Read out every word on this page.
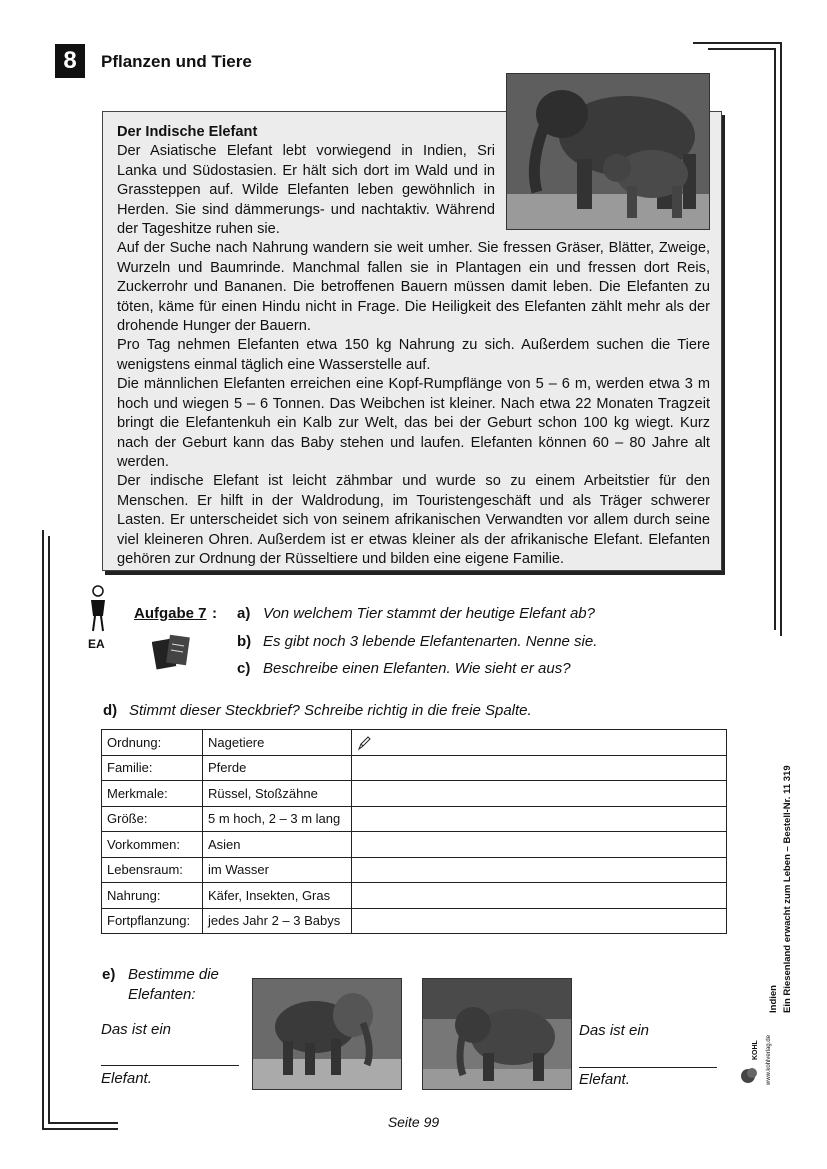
8	Pflanzen und Tiere

Der Indische Elefant

Der Asiatische Elefant lebt vorwiegend in Indien, Sri Lanka und Südostasien. Er hält sich dort im Wald und in Grassteppen auf. Wilde Elefanten leben gewöhnlich in Herden. Sie sind dämmerungs- und nachtaktiv. Während der Tageshitze ruhen sie.

Auf der Suche nach Nahrung wandern sie weit umher. Sie fressen Gräser, Blätter, Zweige, Wurzeln und Baumrinde. Manchmal fallen sie in Plantagen ein und fressen dort Reis, Zuckerrohr und Bananen. Die betroffenen Bauern müssen damit leben. Die Elefanten zu töten, käme für einen Hindu nicht in Frage. Die Heiligkeit des Elefanten zählt mehr als der drohende Hunger der Bauern.

Pro Tag nehmen Elefanten etwa 150 kg Nahrung zu sich. Außerdem suchen die Tiere wenigstens einmal täglich eine Wasserstelle auf.

Die männlichen Elefanten erreichen eine Kopf-Rumpflänge von 5 – 6 m, werden etwa 3 m hoch und wiegen 5 – 6 Tonnen. Das Weibchen ist kleiner. Nach etwa 22 Monaten Tragzeit bringt die Elefantenkuh ein Kalb zur Welt, das bei der Geburt schon 100 kg wiegt. Kurz nach der Geburt kann das Baby stehen und laufen. Elefanten können 60 – 80 Jahre alt werden.

Der indische Elefant ist leicht zähmbar und wurde so zu einem Arbeitstier für den Menschen. Er hilft in der Waldrodung, im Touristengeschäft und als Träger schwerer Lasten. Er unterscheidet sich von seinem afrikanischen Verwandten vor allem durch seine viel kleineren Ohren. Außerdem ist er etwas kleiner als der afrikanische Elefant. Elefanten gehören zur Ordnung der Rüsseltiere und bilden eine eigene Familie.

EA
Aufgabe 7 : a) Von welchem Tier stammt der heutige Elefant ab?
b) Es gibt noch 3 lebende Elefantenarten. Nenne sie.
c) Beschreibe einen Elefanten. Wie sieht er aus?
d) Stimmt dieser Steckbrief? Schreibe richtig in die freie Spalte.
Ordnung:	Nagetiere	
Familie:	Pferde	
Merkmale:	Rüssel, Stoßzähne	
Größe:	5 m hoch, 2 – 3 m lang	
Vorkommen:	Asien	
Lebensraum:	im Wasser	
Nahrung:	Käfer, Insekten, Gras	
Fortpflanzung:	jedes Jahr 2 – 3 Babys	
e) Bestimme die
Elefanten:
Das ist ein
Elefant.
Das ist ein
Elefant.
Indien Ein Riesenland erwacht zum Leben – Bestell-Nr. 11 319
KOHL www.kohlverlag.de
Seite 99
